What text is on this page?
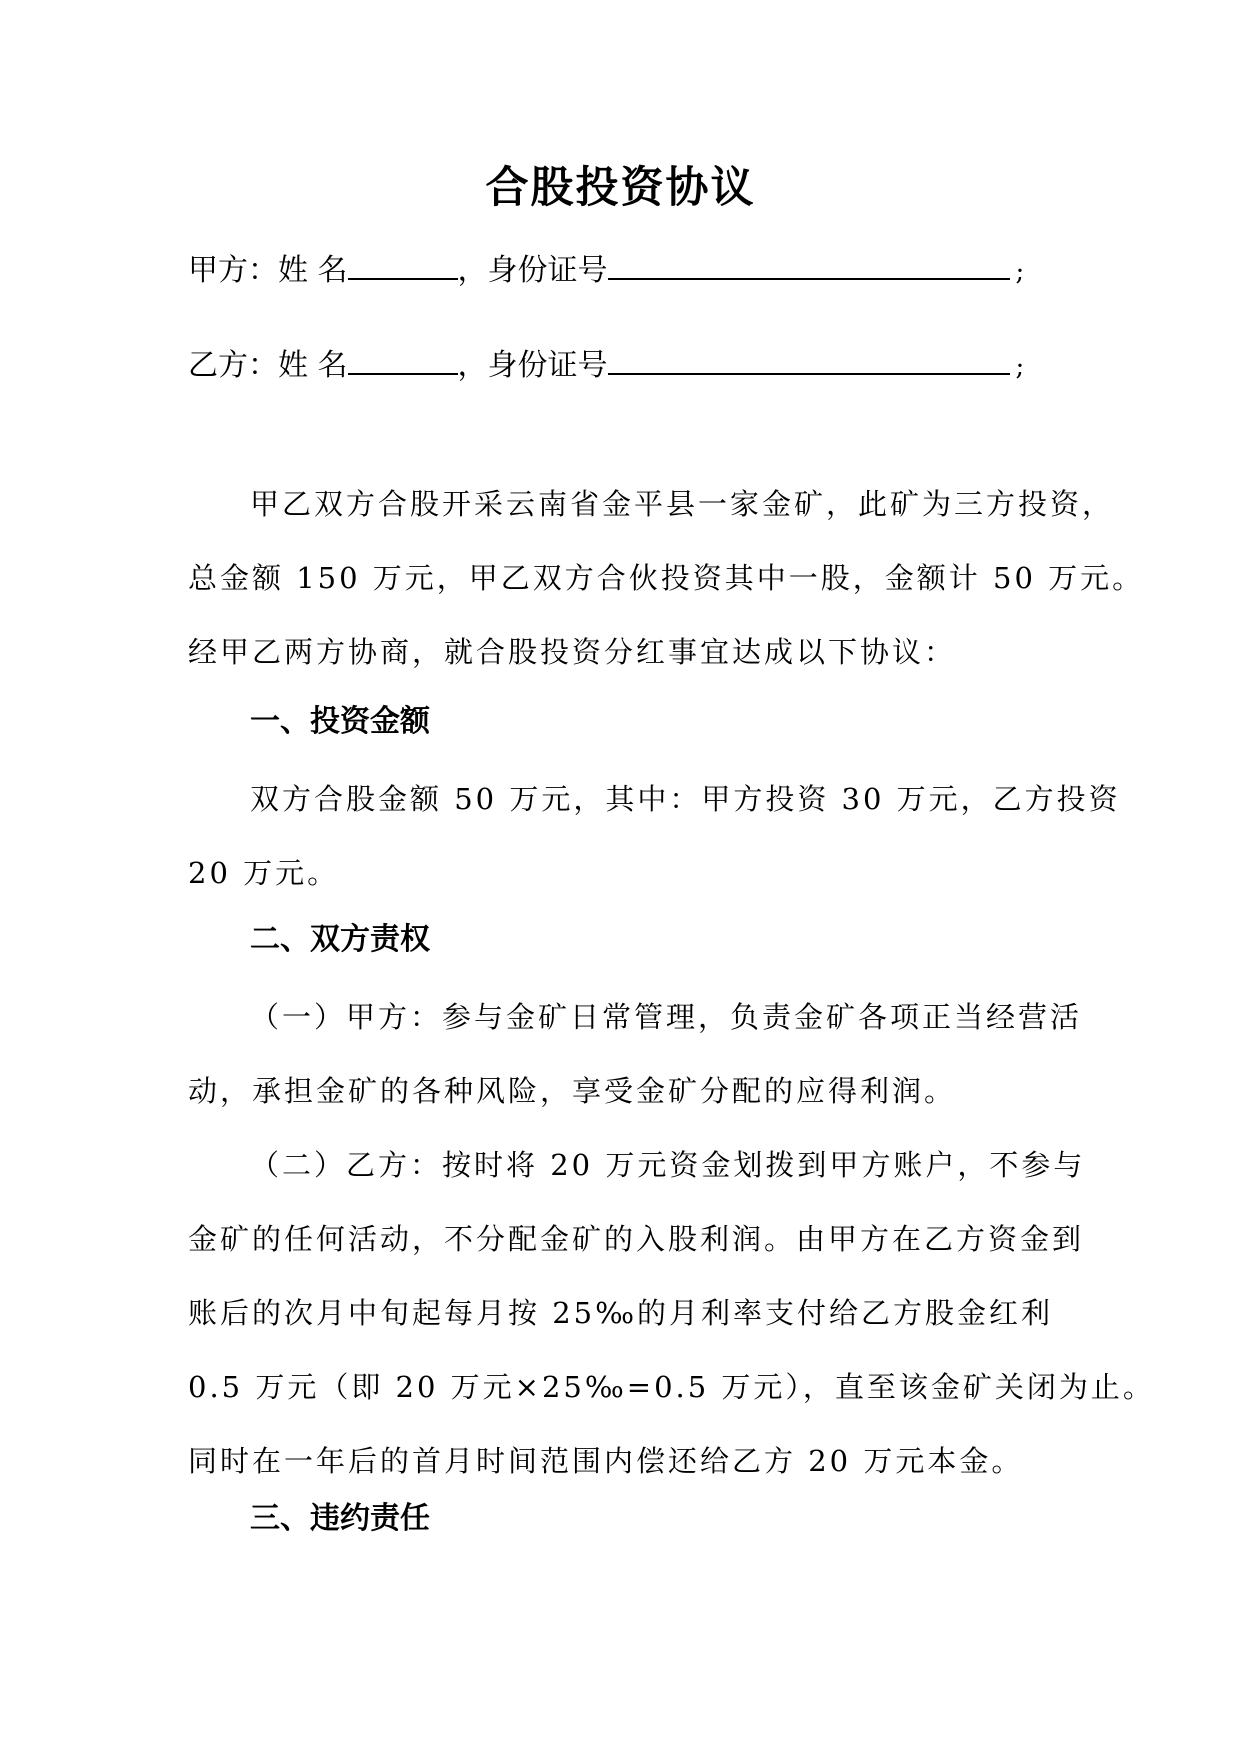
合股投资协议
甲方：姓 名	，身份证号	;
乙方：姓 名	，身份证号	;
甲乙双方合股开采云南省金平县一家金矿，此矿为三方投资，
总金额 150 万元，甲乙双方合伙投资其中一股，金额计 50 万元。
经甲乙两方协商，就合股投资分红事宜达成以下协议：
一、投资金额
双方合股金额 50 万元，其中：甲方投资 30 万元，乙方投资
20 万元。
二、双方责权
（一）甲方：参与金矿日常管理，负责金矿各项正当经营活
动，承担金矿的各种风险，享受金矿分配的应得利润。
（二）乙方：按时将 20 万元资金划拨到甲方账户，不参与
金矿的任何活动，不分配金矿的入股利润。由甲方在乙方资金到
账后的次月中旬起每月按 25‰的月利率支付给乙方股金红利
0.5 万元（即 20 万元×25‰=0.5 万元），直至该金矿关闭为止。
同时在一年后的首月时间范围内偿还给乙方 20 万元本金。
三、违约责任
